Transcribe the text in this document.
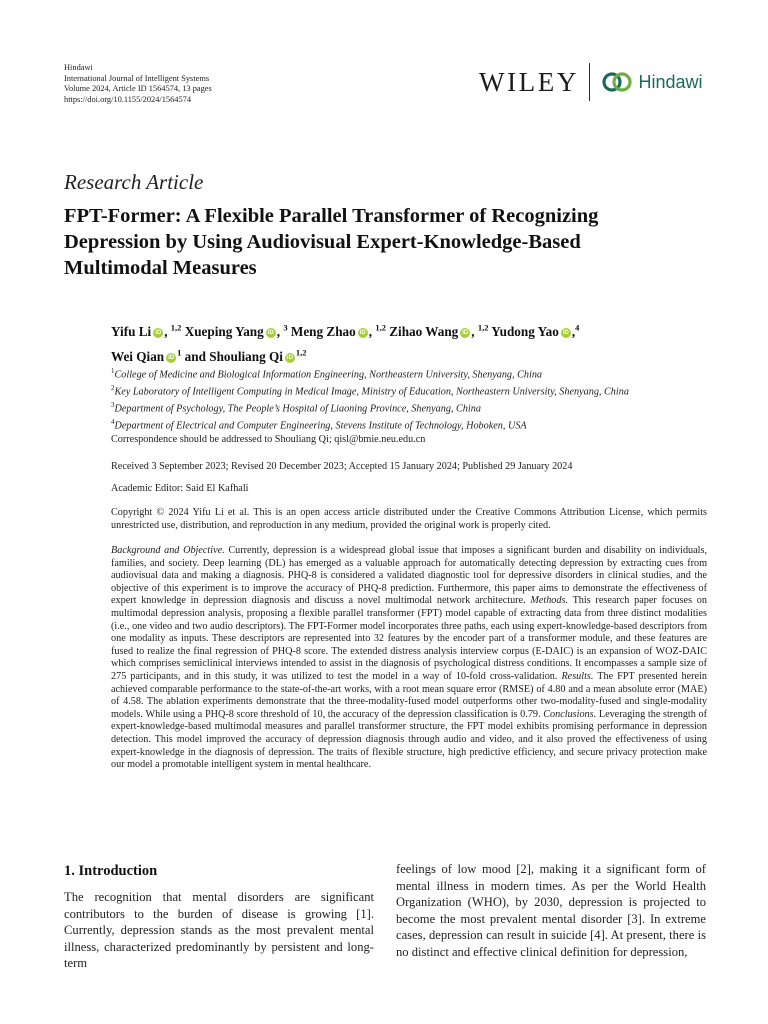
Hindawi
International Journal of Intelligent Systems
Volume 2024, Article ID 1564574, 13 pages
https://doi.org/10.1155/2024/1564574
WILEY	Hindawi
Research Article
FPT-Former: A Flexible Parallel Transformer of Recognizing Depression by Using Audiovisual Expert-Knowledge-Based Multimodal Measures
Yifu Li iD , $^{1,2}$ Xueping Yang iD , $^3$ Meng Zhao iD , $^{1,2}$ Zihao Wang iD , $^{1,2}$ Yudong Yao iD ,$^4$
Wei Qian $iD^1$ and Shouliang Qi iD$^{1,2}$
$^1$College of Medicine and Biological Information Engineering, Northeastern University, Shenyang, China
$^2$Key Laboratory of Intelligent Computing in Medical Image, Ministry of Education, Northeastern University, Shenyang, China
$^3$Department of Psychology, The People’s Hospital of Liaoning Province, Shenyang, China
$^4$Department of Electrical and Computer Engineering, Stevens Institute of Technology, Hoboken, USA
Correspondence should be addressed to Shouliang Qi; qisl@bmie.neu.edu.cn
Received 3 September 2023; Revised 20 December 2023; Accepted 15 January 2024; Published 29 January 2024
Academic Editor: Said El Kafhali
Copyright © 2024 Yifu Li et al. This is an open access article distributed under the Creative Commons Attribution License, which permits unrestricted use, distribution, and reproduction in any medium, provided the original work is properly cited.

Background and Objective. Currently, depression is a widespread global issue that imposes a significant burden and disability on individuals, families, and society. Deep learning (DL) has emerged as a valuable approach for automatically detecting depression by extracting cues from audiovisual data and making a diagnosis. PHQ-8 is considered a validated diagnostic tool for depressive disorders in clinical studies, and the objective of this experiment is to improve the accuracy of PHQ-8 prediction. Furthermore, this paper aims to demonstrate the effectiveness of expert knowledge in depression diagnosis and discuss a novel multimodal network architecture. Methods. This research paper focuses on multimodal depression analysis, proposing a flexible parallel transformer (FPT) model capable of extracting data from three distinct modalities (i.e., one video and two audio descriptors). The FPT-Former model incorporates three paths, each using expert-knowledge-based descriptors from one modality as inputs. These descriptors are represented into 32 features by the encoder part of a transformer module, and these features are fused to realize the final regression of PHQ-8 score. The extended distress analysis interview corpus (E-DAIC) is an expansion of WOZ-DAIC which comprises semiclinical interviews intended to assist in the diagnosis of psychological distress conditions. It encompasses a sample size of 275 participants, and in this study, it was utilized to test the model in a way of 10-fold cross-validation. Results. The FPT presented herein achieved comparable performance to the state-of-the-art works, with a root mean square error (RMSE) of 4.80 and a mean absolute error (MAE) of 4.58. The ablation experiments demonstrate that the three-modality-fused model outperforms other two-modality-fused and single-modality models. While using a PHQ-8 score threshold of 10, the accuracy of the depression classification is 0.79. Conclusions. Leveraging the strength of expert-knowledge-based multimodal measures and parallel transformer structure, the FPT model exhibits promising performance in depression detection. This model improved the accuracy of depression diagnosis through audio and video, and it also proved the effectiveness of using expert-knowledge in the diagnosis of depression. The traits of flexible structure, high predictive efficiency, and secure privacy protection make our model a promotable intelligent system in mental healthcare.

1. Introduction

The recognition that mental disorders are significant contributors to the burden of disease is growing [1]. Currently, depression stands as the most prevalent mental illness, characterized predominantly by persistent and long-term

feelings of low mood [2], making it a significant form of mental illness in modern times. As per the World Health Organization (WHO), by 2030, depression is projected to become the most prevalent mental disorder [3]. In extreme cases, depression can result in suicide [4]. At present, there is no distinct and effective clinical definition for depression,
